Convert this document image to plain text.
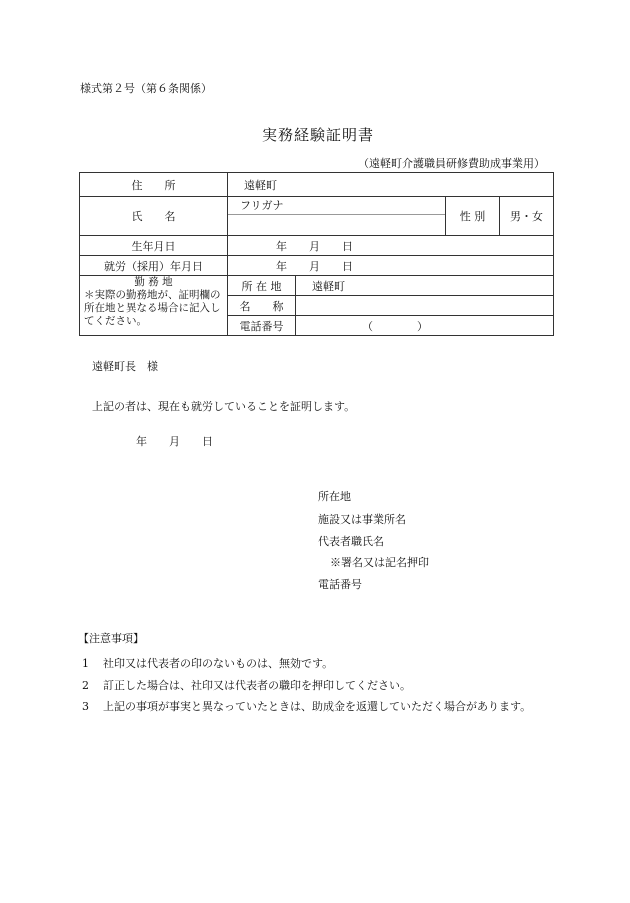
様式第２号（第６条関係）
実務経験証明書
（遠軽町介護職員研修費助成事業用）
住　　所	遠軽町			
氏　　名	フリガナ		性 別	男・女
生年月日	年　　月　　日			
就労（採用）年月日	年　　月　　日			

勤 務 地
＊実際の勤務地が、証明欄の所在地と異なる場合に記入してください。	所 在 地	遠軽町		
	名　　称			
	電話番号	（　　　　）		
遠軽町長　様
上記の者は、現在も就労していることを証明します。
年　　月　　日
所在地
施設又は事業所名
代表者職氏名
※署名又は記名押印
電話番号
【注意事項】
1 社印又は代表者の印のないものは、無効です。
2 訂正した場合は、社印又は代表者の職印を押印してください。
3 上記の事項が事実と異なっていたときは、助成金を返還していただく場合があります。
